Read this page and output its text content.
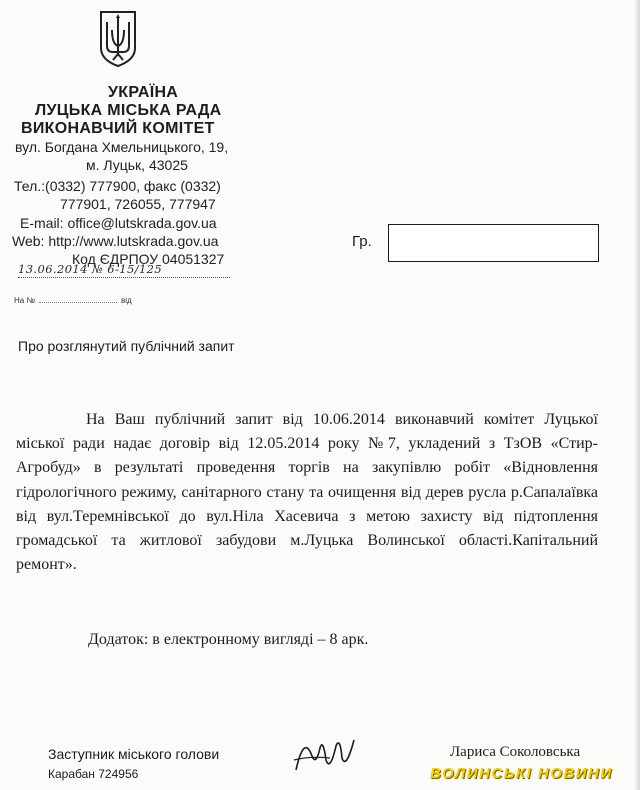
УКРАЇНА
ЛУЦЬКА МІСЬКА РАДА
ВИКОНАВЧИЙ КОМІТЕТ
вул. Богдана Хмельницького, 19,
м. Луцьк, 43025
Тел.:(0332) 777900, факс (0332)
777901, 726055, 777947
E-mail: office@lutskrada.gov.ua
Web: http://www.lutskrada.gov.ua
Код ЄДРПОУ 04051327
13.06.2014 № 6-15/125
На №	від
Гр.
Про розглянутий публічний запит

На Ваш публічний запит від 10.06.2014 виконавчий комітет Луцької міської ради надає договір від 12.05.2014 року №7, укладений з ТзОВ «Стир-Агробуд» в результаті проведення торгів на закупівлю робіт «Відновлення гідрологічного режиму, санітарного стану та очищення від дерев русла р.Сапалаївка від вул.Теремнівської до вул.Ніла Хасевича з метою захисту від підтоплення громадської та житлової забудови м.Луцька Волинської області.Капітальний ремонт».

Додаток: в електронному вигляді – 8 арк.
Заступник міського голови
Карабан 724956
Лариса Соколовська
ВОЛИНСЬКІ НОВИНИ
